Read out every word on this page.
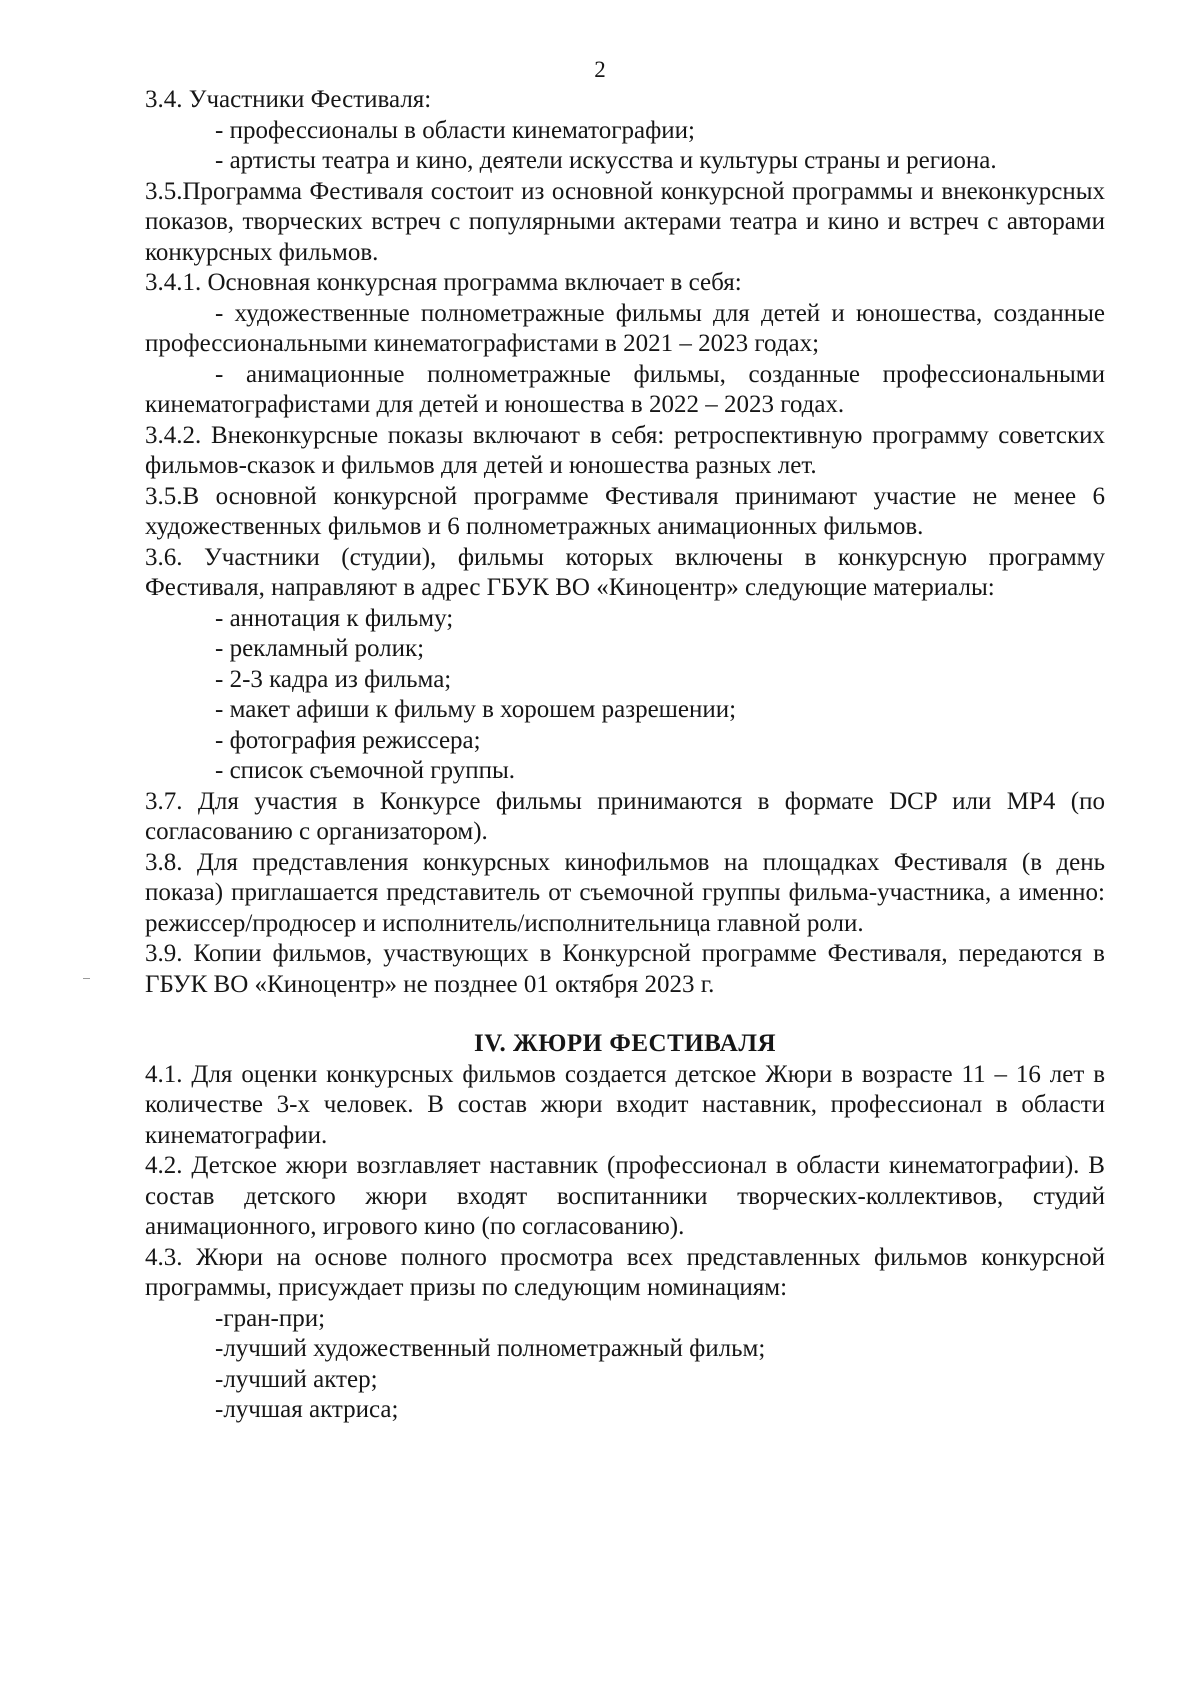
2

3.4. Участники Фестиваля:

- профессионалы в области кинематографии;

- артисты театра и кино, деятели искусства и культуры страны и региона.

3.5.Программа Фестиваля состоит из основной конкурсной программы и внеконкурсных показов, творческих встреч с популярными актерами театра и кино и встреч с авторами конкурсных фильмов.

3.4.1. Основная конкурсная программа включает в себя:

- художественные полнометражные фильмы для детей и юношества, созданные профессиональными кинематографистами в 2021 – 2023 годах;

- анимационные полнометражные фильмы, созданные профессиональными кинематографистами для детей и юношества в 2022 – 2023 годах.

3.4.2. Внеконкурсные показы включают в себя: ретроспективную программу советских фильмов-сказок и фильмов для детей и юношества разных лет.

3.5.В основной конкурсной программе Фестиваля принимают участие не менее 6 художественных фильмов и 6 полнометражных анимационных фильмов.

3.6. Участники (студии), фильмы которых включены в конкурсную программу Фестиваля, направляют в адрес ГБУК ВО «Киноцентр» следующие материалы:

- аннотация к фильму;

- рекламный ролик;

- 2-3 кадра из фильма;

- макет афиши к фильму в хорошем разрешении;

- фотография режиссера;

- список съемочной группы.

3.7. Для участия в Конкурсе фильмы принимаются в формате DCP или MP4 (по согласованию с организатором).

3.8. Для представления конкурсных кинофильмов на площадках Фестиваля (в день показа) приглашается представитель от съемочной группы фильма-участника, а именно: режиссер/продюсер и исполнитель/исполнительница главной роли.

3.9. Копии фильмов, участвующих в Конкурсной программе Фестиваля, передаются в ГБУК ВО «Киноцентр» не позднее 01 октября 2023 г.

IV. ЖЮРИ ФЕСТИВАЛЯ

4.1. Для оценки конкурсных фильмов создается детское Жюри в возрасте 11 – 16 лет в количестве 3-х человек. В состав жюри входит наставник, профессионал в области кинематографии.

4.2. Детское жюри возглавляет наставник (профессионал в области кинематографии). В состав детского жюри входят воспитанники творческих-коллективов, студий анимационного, игрового кино (по согласованию).

4.3. Жюри на основе полного просмотра всех представленных фильмов конкурсной программы, присуждает призы по следующим номинациям:

-гран-при;

-лучший художественный полнометражный фильм;

-лучший актер;

-лучшая актриса;
